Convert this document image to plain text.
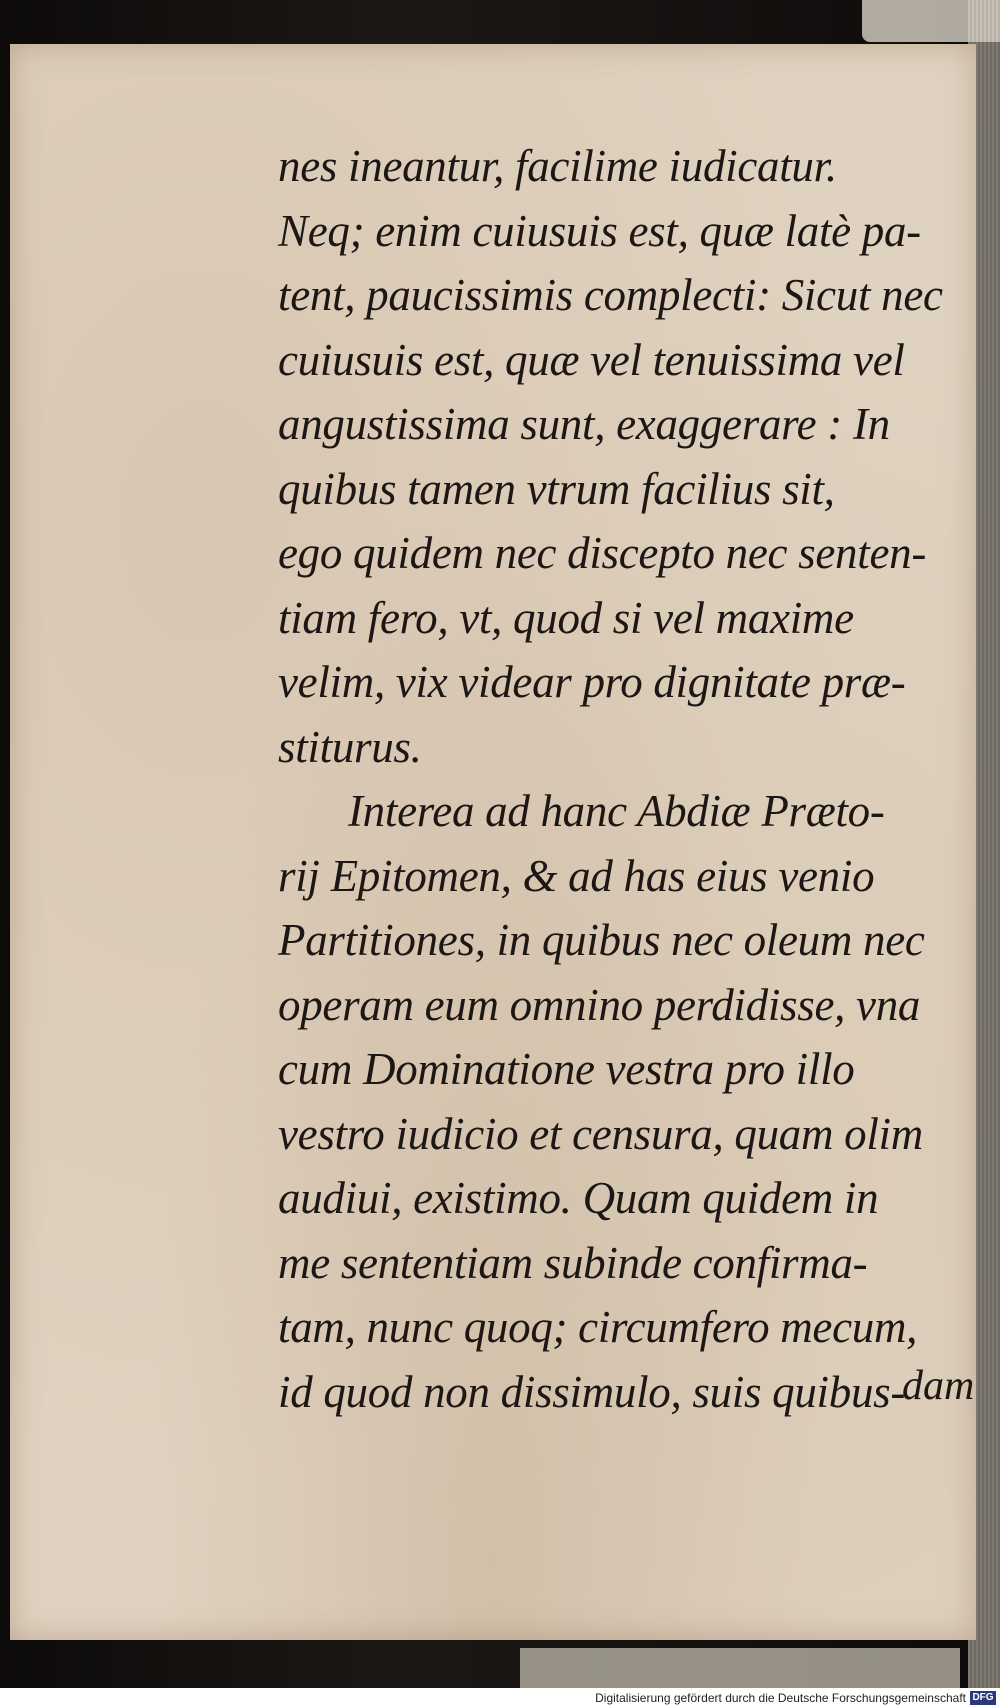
nes ineantur, facilime iudicatur.
Neq; enim cuiusuis est, quæ latè pa-
tent, paucissimis complecti: Sicut nec
cuiusuis est, quæ vel tenuissima vel
angustissima sunt, exaggerare : In
quibus tamen vtrum facilius sit,
ego quidem nec discepto nec senten-
tiam fero, vt, quod si vel maxime
velim, vix videar pro dignitate præ-
stiturus.
Interea ad hanc Abdiæ Præto-
rij Epitomen, & ad has eius venio
Partitiones, in quibus nec oleum nec
operam eum omnino perdidisse, vna
cum Dominatione vestra pro illo
vestro iudicio et censura, quam olim
audiui, existimo. Quam quidem in
me sententiam subinde confirma-
tam, nunc quoq; circumfero mecum,
id quod non dissimulo, suis quibus-
dam
Digitalisierung gefördert durch die Deutsche Forschungsgemeinschaft DFG
